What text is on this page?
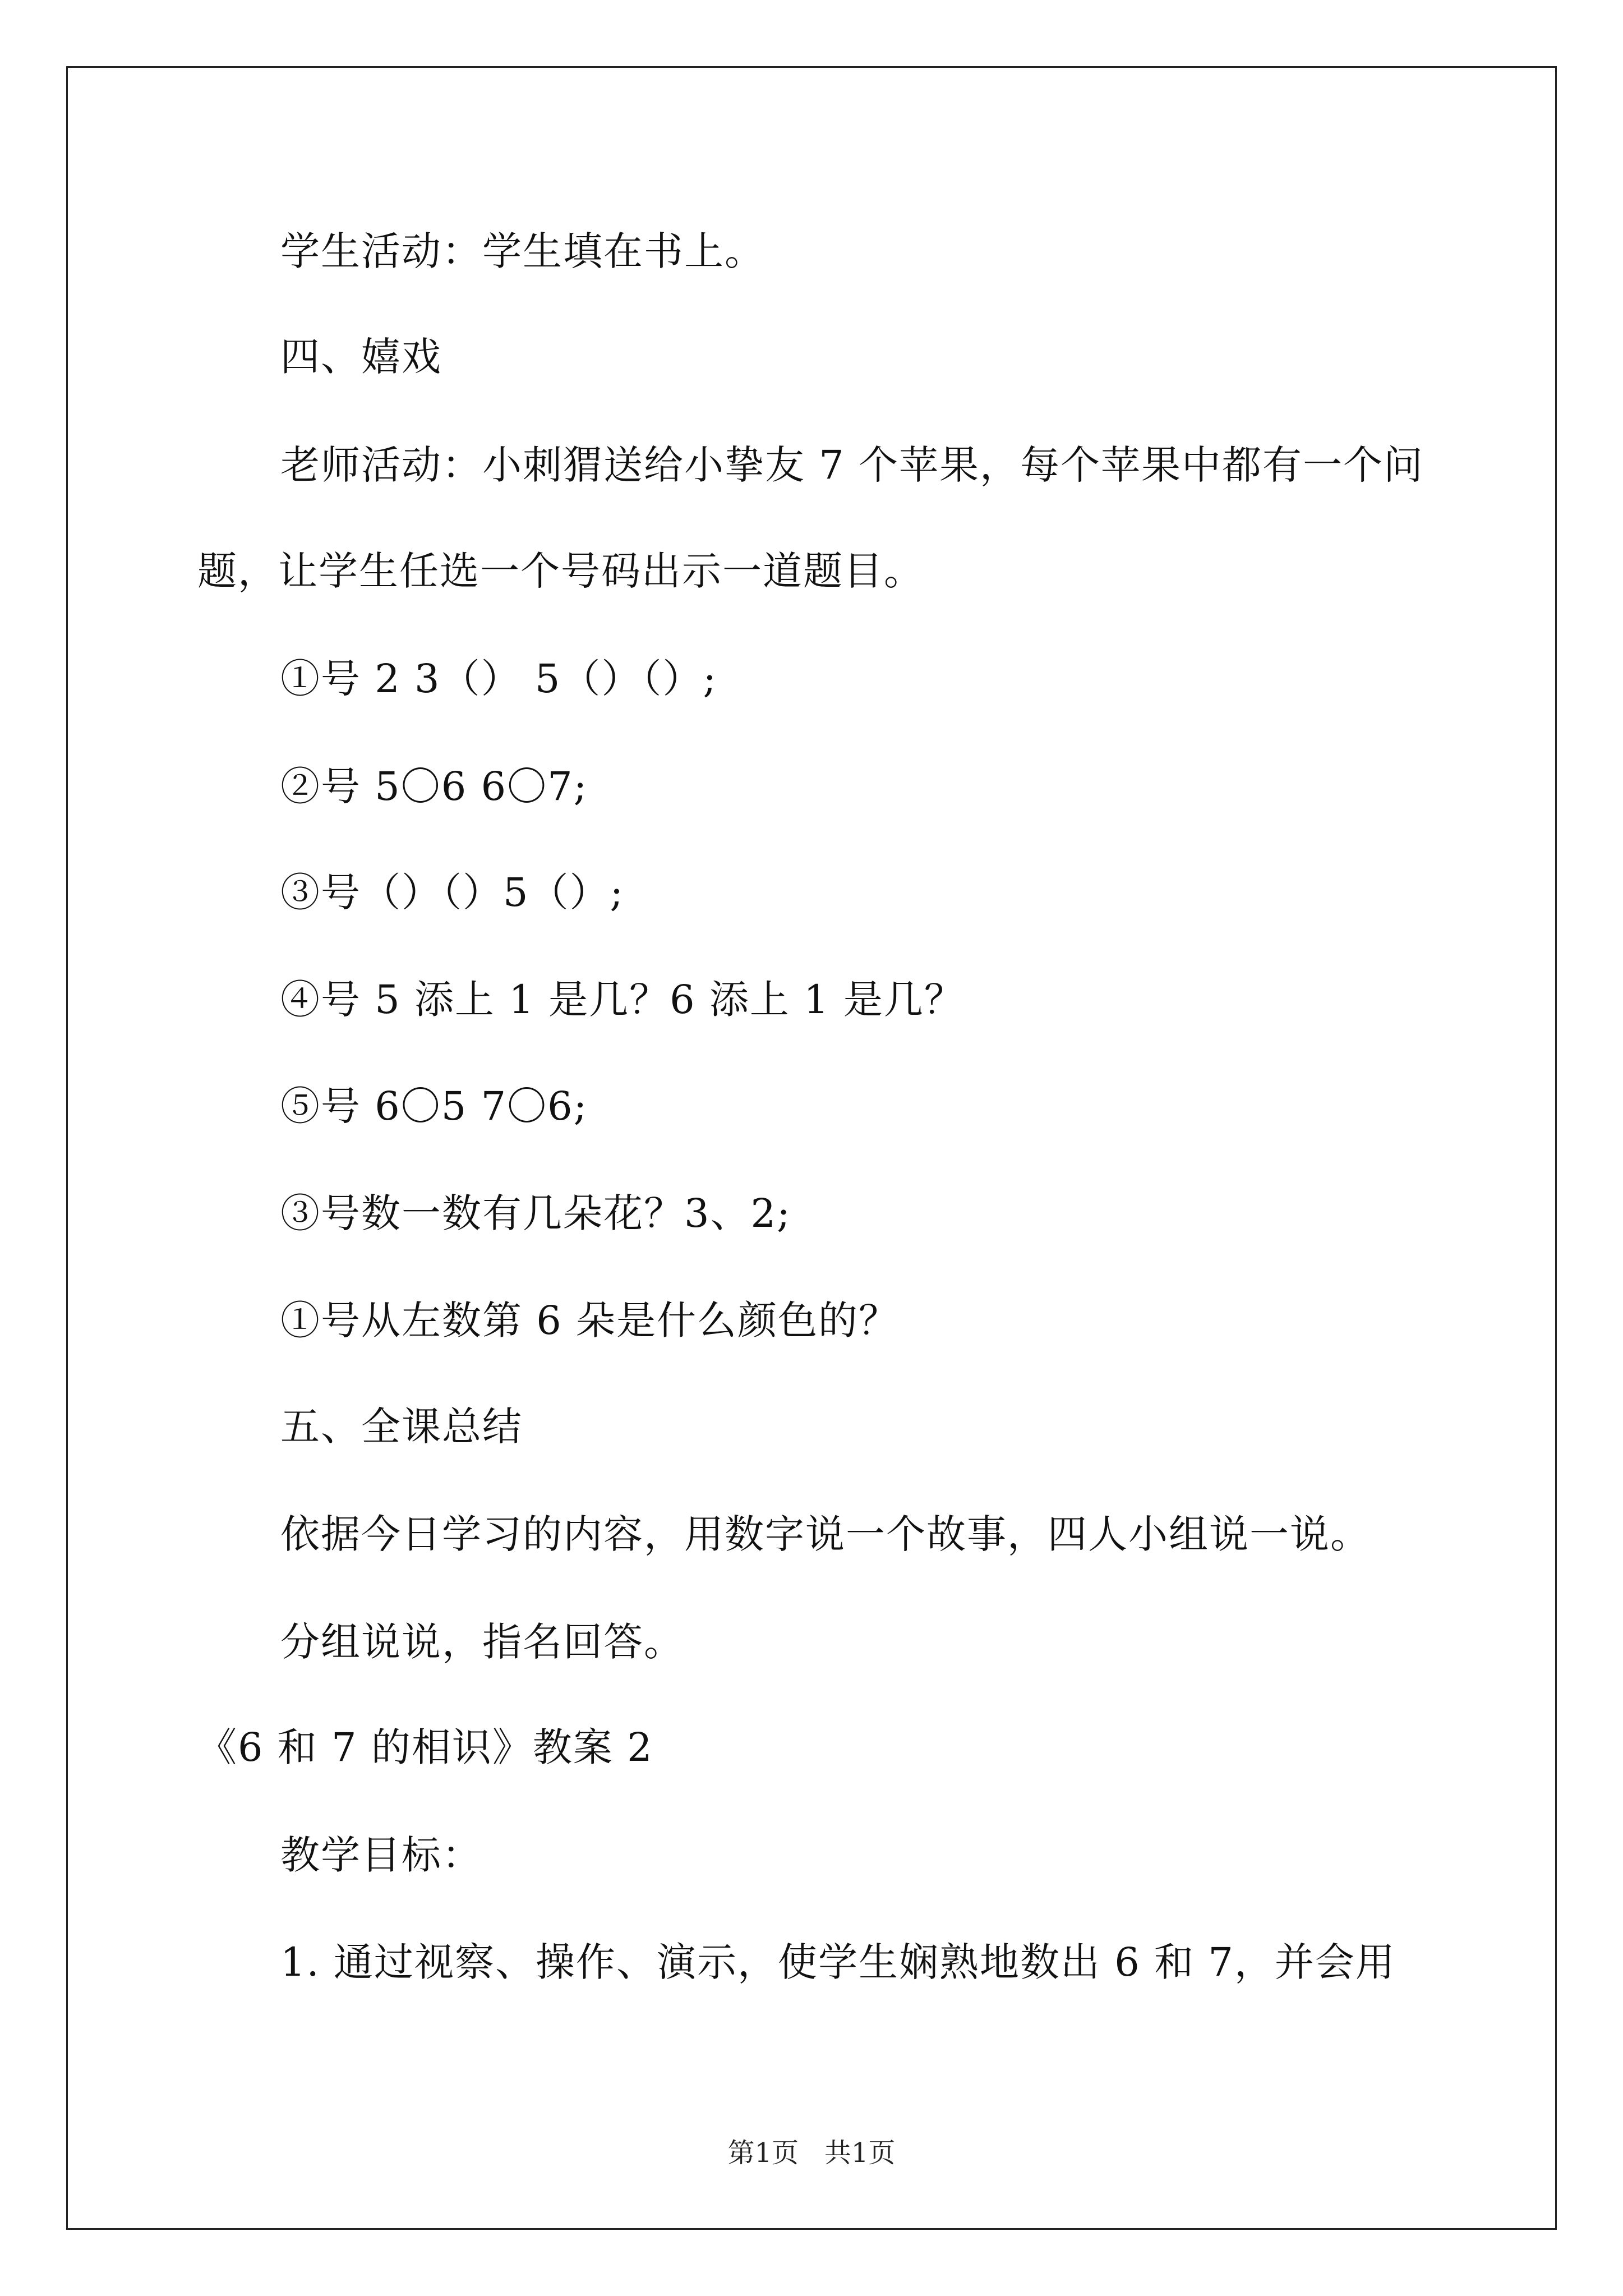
学生活动：学生填在书上。
四、嬉戏
老师活动：小刺猬送给小挚友 7 个苹果，每个苹果中都有一个问
题，让学生任选一个号码出示一道题目。
①号 2 3（） 5（）（）;
②号 5〇6 6〇7;
③号（）（）5（）;
④号 5 添上 1 是几？6 添上 1 是几？
⑤号 6〇5 7〇6;
③号数一数有几朵花？3、2;
①号从左数第 6 朵是什么颜色的？
五、全课总结
依据今日学习的内容，用数字说一个故事，四人小组说一说。
分组说说，指名回答。
《6 和 7 的相识》教案 2
教学目标：
1. 通过视察、操作、演示，使学生娴熟地数出 6 和 7，并会用
第1页   共1页
